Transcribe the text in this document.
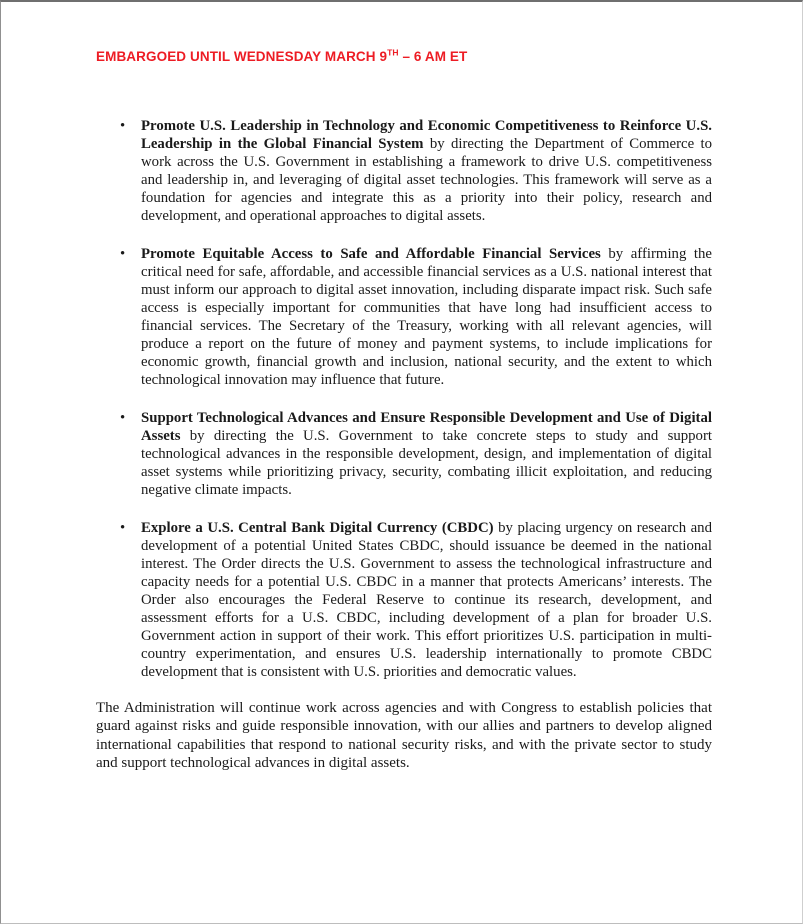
EMBARGOED UNTIL WEDNESDAY MARCH 9TH – 6 AM ET
• Promote U.S. Leadership in Technology and Economic Competitiveness to Reinforce U.S. Leadership in the Global Financial System by directing the Department of Commerce to work across the U.S. Government in establishing a framework to drive U.S. competitiveness and leadership in, and leveraging of digital asset technologies. This framework will serve as a foundation for agencies and integrate this as a priority into their policy, research and development, and operational approaches to digital assets.
• Promote Equitable Access to Safe and Affordable Financial Services by affirming the critical need for safe, affordable, and accessible financial services as a U.S. national interest that must inform our approach to digital asset innovation, including disparate impact risk. Such safe access is especially important for communities that have long had insufficient access to financial services. The Secretary of the Treasury, working with all relevant agencies, will produce a report on the future of money and payment systems, to include implications for economic growth, financial growth and inclusion, national security, and the extent to which technological innovation may influence that future.
• Support Technological Advances and Ensure Responsible Development and Use of Digital Assets by directing the U.S. Government to take concrete steps to study and support technological advances in the responsible development, design, and implementation of digital asset systems while prioritizing privacy, security, combating illicit exploitation, and reducing negative climate impacts.
• Explore a U.S. Central Bank Digital Currency (CBDC) by placing urgency on research and development of a potential United States CBDC, should issuance be deemed in the national interest. The Order directs the U.S. Government to assess the technological infrastructure and capacity needs for a potential U.S. CBDC in a manner that protects Americans’ interests. The Order also encourages the Federal Reserve to continue its research, development, and assessment efforts for a U.S. CBDC, including development of a plan for broader U.S. Government action in support of their work. This effort prioritizes U.S. participation in multi-country experimentation, and ensures U.S. leadership internationally to promote CBDC development that is consistent with U.S. priorities and democratic values.

The Administration will continue work across agencies and with Congress to establish policies that guard against risks and guide responsible innovation, with our allies and partners to develop aligned international capabilities that respond to national security risks, and with the private sector to study and support technological advances in digital assets.
